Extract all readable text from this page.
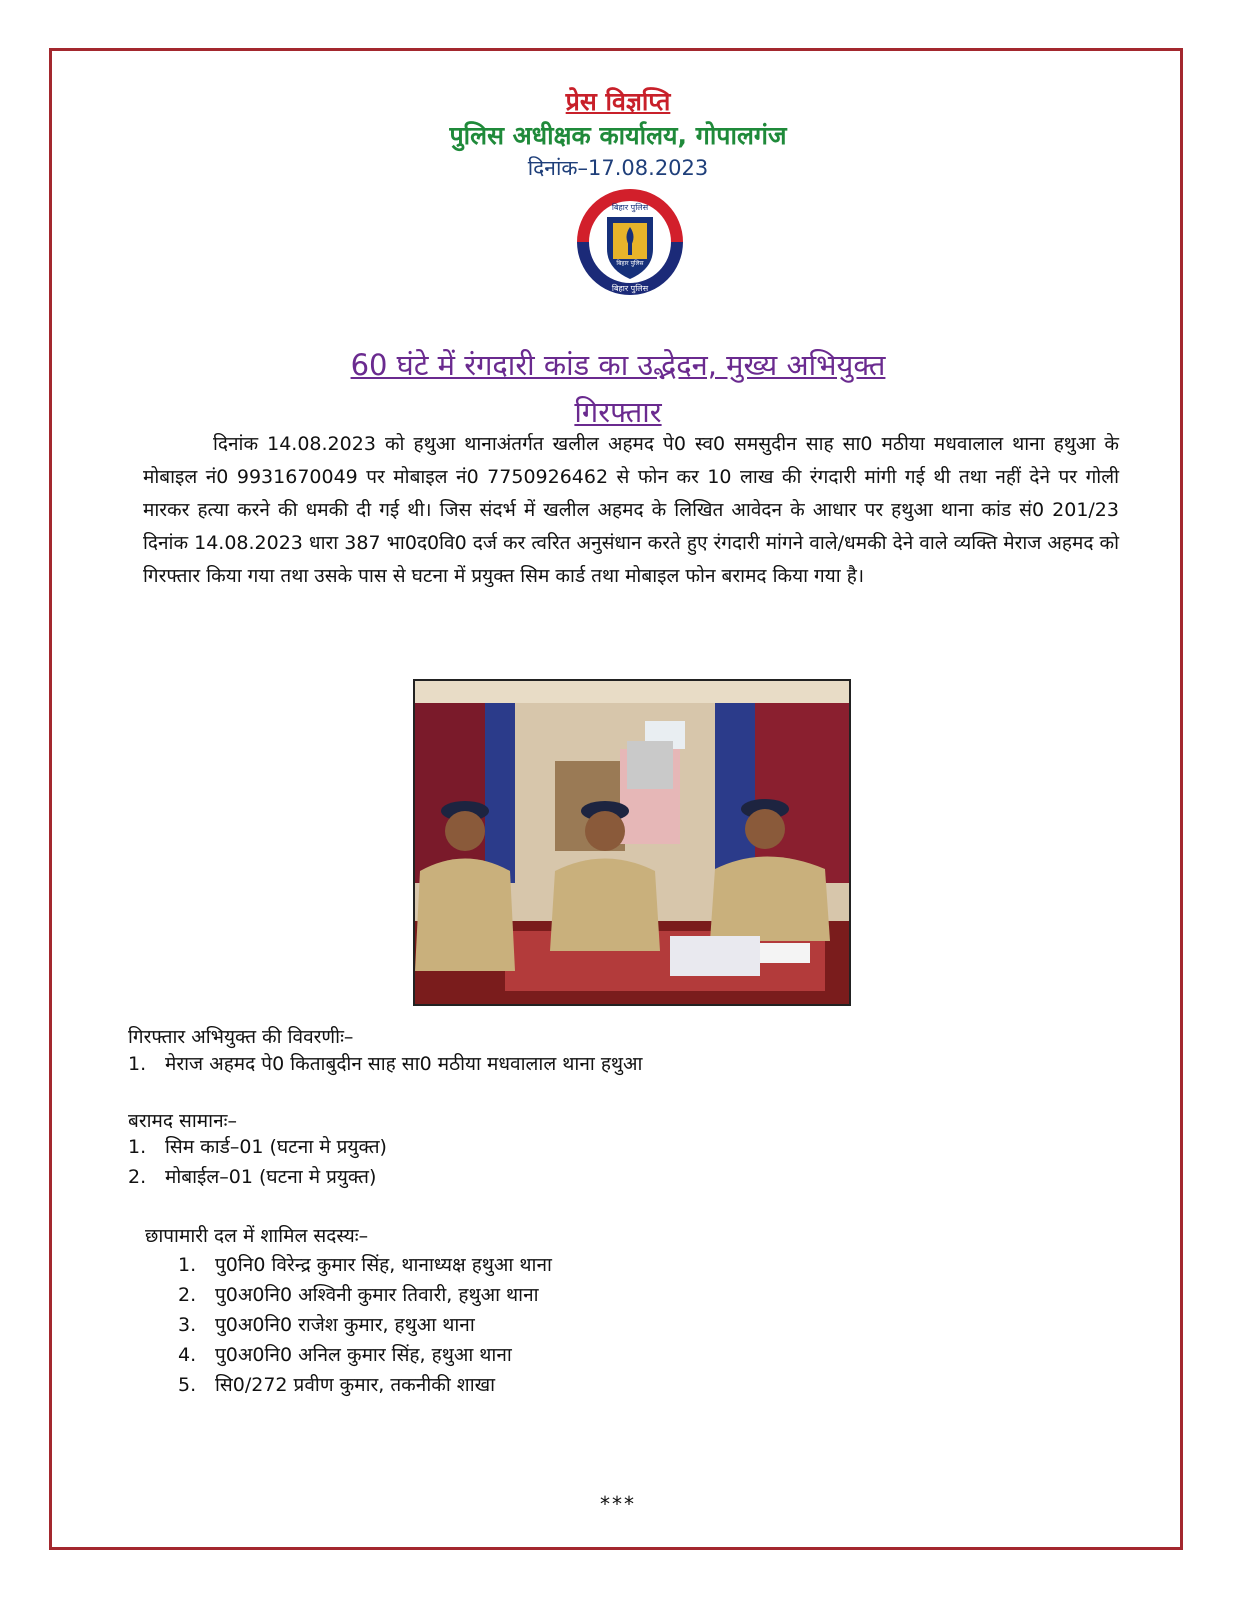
प्रेस विज्ञप्ति

पुलिस अधीक्षक कार्यालय, गोपालगंज

दिनांक–17.08.2023

बिहार पुलिस
बिहार पुलिस
बिहार पुलिस

60 घंटे में रंगदारी कांड का उद्भेदन, मुख्य अभियुक्त

गिरफ्तार

दिनांक 14.08.2023 को हथुआ थानाअंतर्गत खलील अहमद पे0 स्व0 समसुदीन साह सा0 मठीया मधवालाल थाना हथुआ के मोबाइल नं0 9931670049 पर मोबाइल नं0 7750926462 से फोन कर 10 लाख की रंगदारी मांगी गई थी तथा नहीं देने पर गोली मारकर हत्या करने की धमकी दी गई थी। जिस संदर्भ में खलील अहमद के लिखित आवेदन के आधार पर हथुआ थाना कांड सं0 201/23 दिनांक 14.08.2023 धारा 387 भा0द0वि0 दर्ज कर त्वरित अनुसंधान करते हुए रंगदारी मांगने वाले/धमकी देने वाले व्यक्ति मेराज अहमद को गिरफ्तार किया गया तथा उसके पास से घटना में प्रयुक्त सिम कार्ड तथा मोबाइल फोन बरामद किया गया है।

गिरफ्तार अभियुक्त की विवरणीः–

1. मेराज अहमद पे0 किताबुदीन साह सा0 मठीया मधवालाल थाना हथुआ

बरामद सामानः–

1. सिम कार्ड–01 (घटना मे प्रयुक्त)
2. मोबाईल–01 (घटना मे प्रयुक्त)

छापामारी दल में शामिल सदस्यः–

1. पु0नि0 विरेन्द्र कुमार सिंह, थानाध्यक्ष हथुआ थाना
2. पु0अ0नि0 अश्विनी कुमार तिवारी, हथुआ थाना
3. पु0अ0नि0 राजेश कुमार, हथुआ थाना
4. पु0अ0नि0 अनिल कुमार सिंह, हथुआ थाना
5. सि0/272 प्रवीण कुमार, तकनीकी शाखा
***
